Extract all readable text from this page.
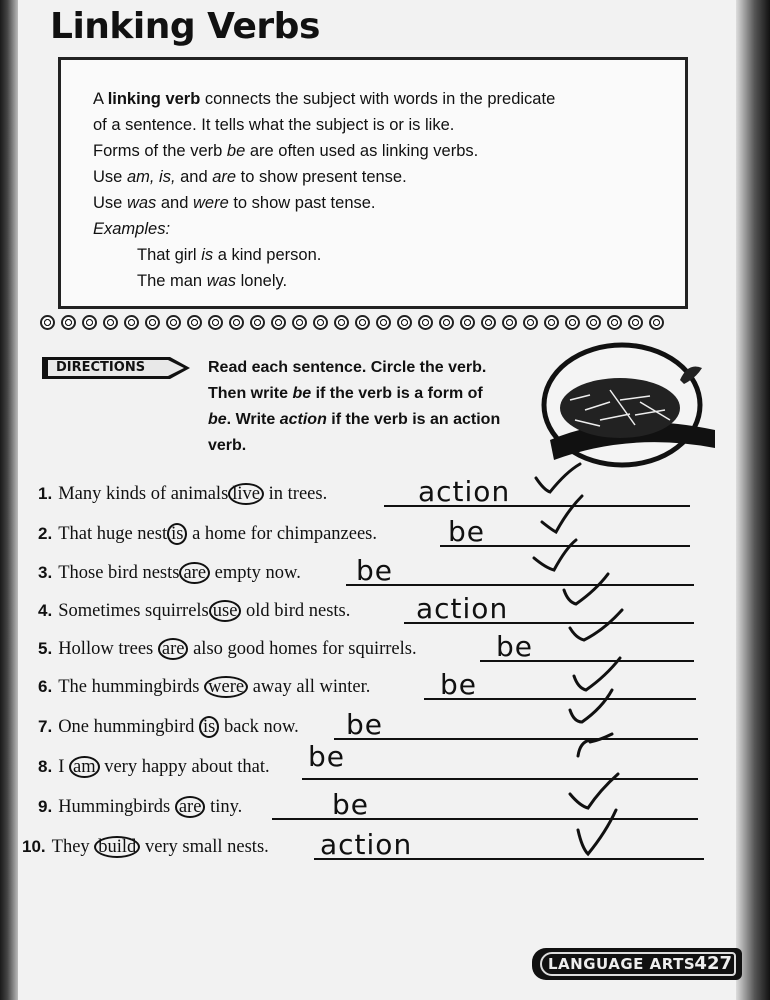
Linking Verbs
A linking verb connects the subject with words in the predicate
of a sentence. It tells what the subject is or is like.
Forms of the verb be are often used as linking verbs.
Use am, is, and are to show present tense.
Use was and were to show past tense.
Examples:
That girl is a kind person.
The man was lonely.
DIRECTIONS	Read each sentence. Circle the verb.
Then write be if the verb is a form of
be. Write action if the verb is an action
verb.
1. Many kinds of animals live in trees.	action
2. That huge nest is a home for chimpanzees.	be
3. Those bird nests are empty now. be
4. Sometimes squirrels use old bird nests. action
5. Hollow trees are also good homes for squirrels.	be
6. The hummingbirds were away all winter. be
7. One hummingbird is back now. be
8. I am very happy about that. be
9. Hummingbirds are tiny.	be
10. They build very small nests. action
LANGUAGE ARTS 427
